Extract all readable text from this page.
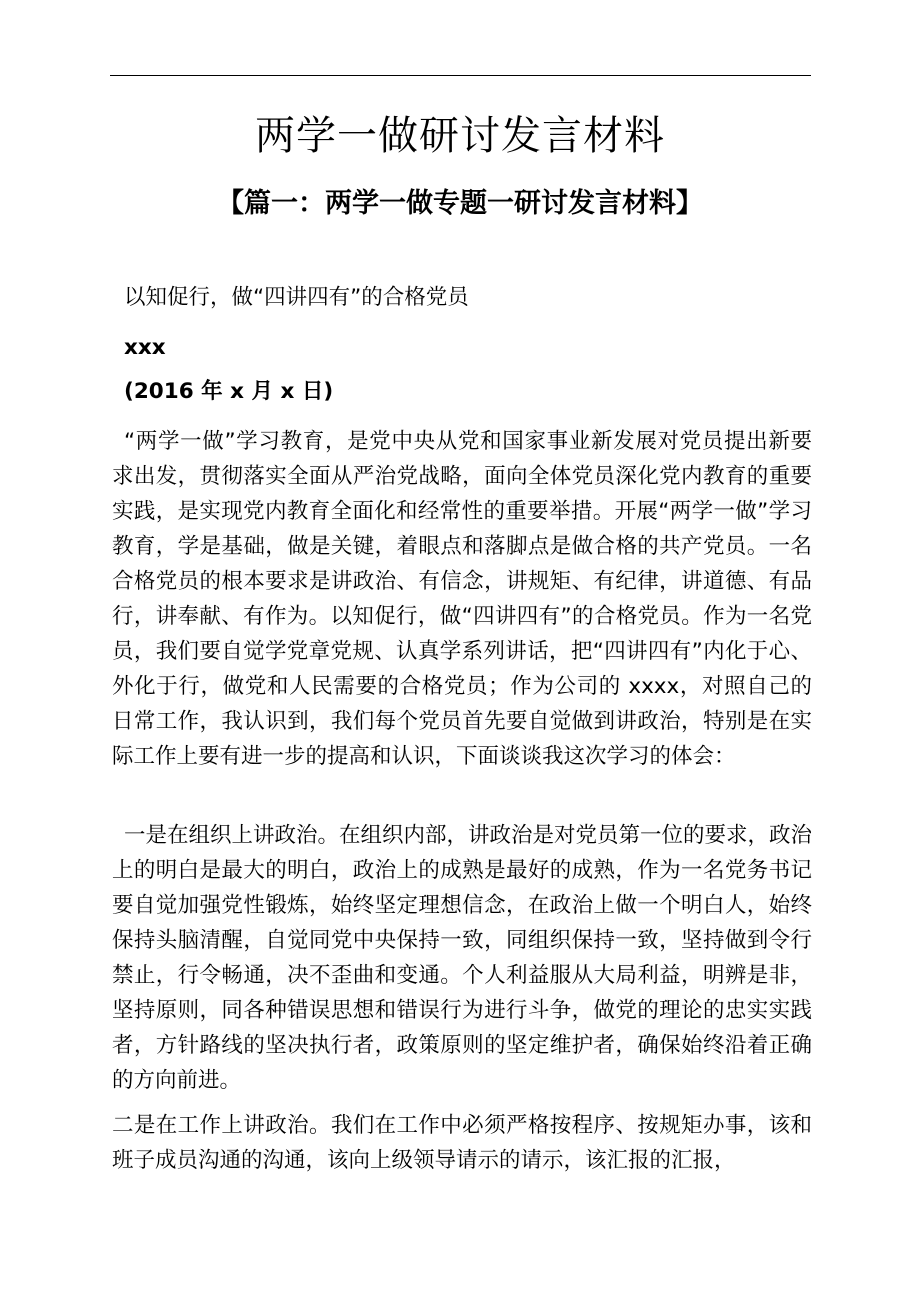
两学一做研讨发言材料
【篇一：两学一做专题一研讨发言材料】

以知促行，做“四讲四有”的合格党员

xxx

(2016 年 x 月 x 日)

“两学一做”学习教育，是党中央从党和国家事业新发展对党员提出新要求出发，贯彻落实全面从严治党战略，面向全体党员深化党内教育的重要实践，是实现党内教育全面化和经常性的重要举措。开展“两学一做”学习教育，学是基础，做是关键，着眼点和落脚点是做合格的共产党员。一名合格党员的根本要求是讲政治、有信念，讲规矩、有纪律，讲道德、有品行，讲奉献、有作为。以知促行，做“四讲四有”的合格党员。作为一名党员，我们要自觉学党章党规、认真学系列讲话，把“四讲四有”内化于心、外化于行，做党和人民需要的合格党员；作为公司的 xxxx，对照自己的日常工作，我认识到，我们每个党员首先要自觉做到讲政治，特别是在实际工作上要有进一步的提高和认识，下面谈谈我这次学习的体会：

一是在组织上讲政治。在组织内部，讲政治是对党员第一位的要求，政治上的明白是最大的明白，政治上的成熟是最好的成熟，作为一名党务书记要自觉加强党性锻炼，始终坚定理想信念，在政治上做一个明白人，始终保持头脑清醒，自觉同党中央保持一致，同组织保持一致，坚持做到令行禁止，行令畅通，决不歪曲和变通。个人利益服从大局利益，明辨是非，坚持原则，同各种错误思想和错误行为进行斗争，做党的理论的忠实实践者，方针路线的坚决执行者，政策原则的坚定维护者，确保始终沿着正确的方向前进。

二是在工作上讲政治。我们在工作中必须严格按程序、按规矩办事，该和班子成员沟通的沟通，该向上级领导请示的请示，该汇报的汇报，
